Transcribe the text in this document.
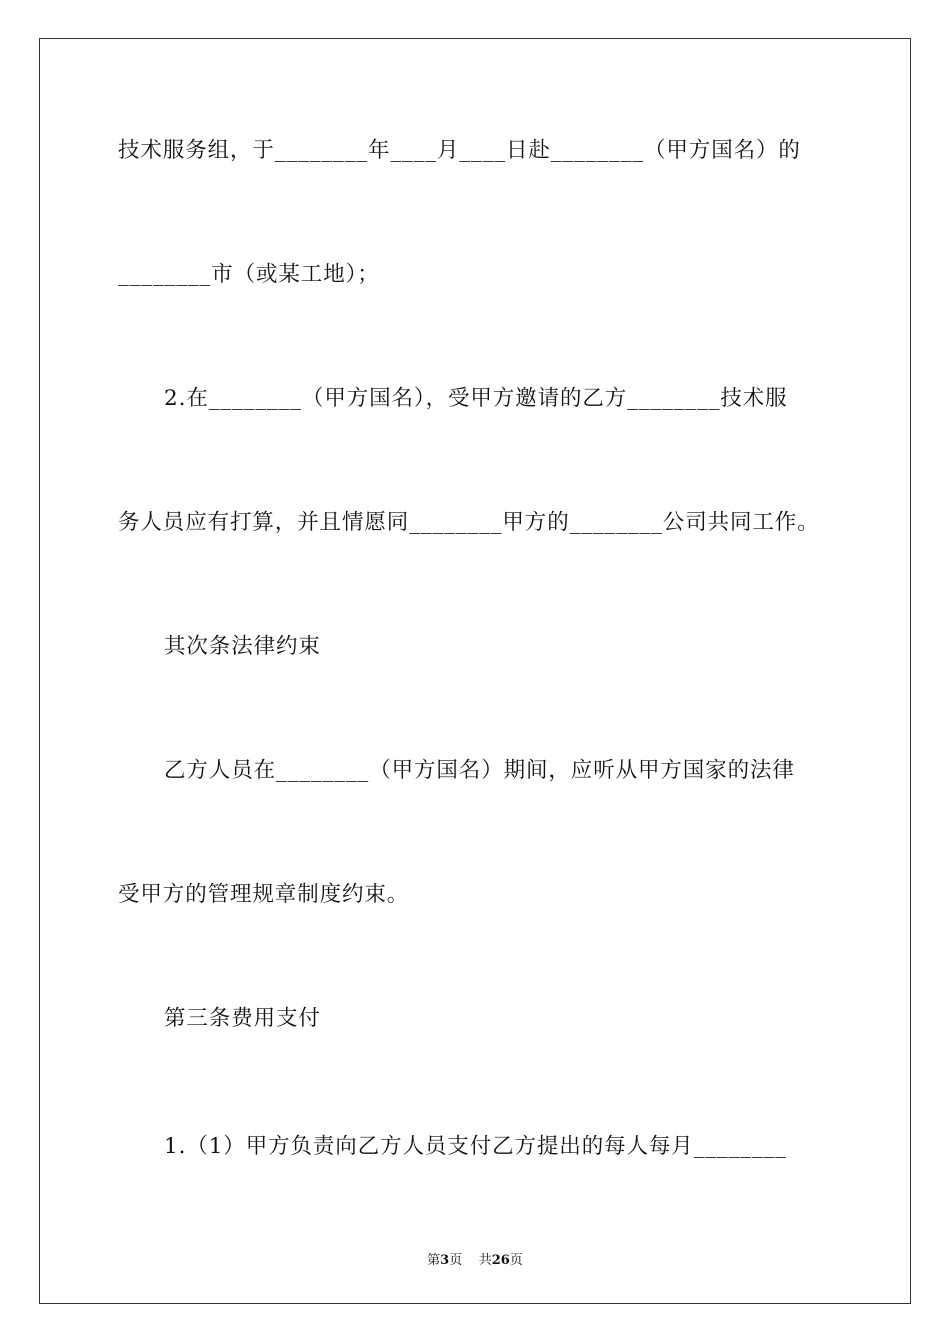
技术服务组，于________年____月____日赴________（甲方国名）的
________市（或某工地）；
2.在________（甲方国名），受甲方邀请的乙方________技术服
务人员应有打算，并且情愿同________甲方的________公司共同工作。
其次条法律约束
乙方人员在________（甲方国名）期间，应听从甲方国家的法律
受甲方的管理规章制度约束。
第三条费用支付
1.（1）甲方负责向乙方人员支付乙方提出的每人每月________
第3页 共26页
